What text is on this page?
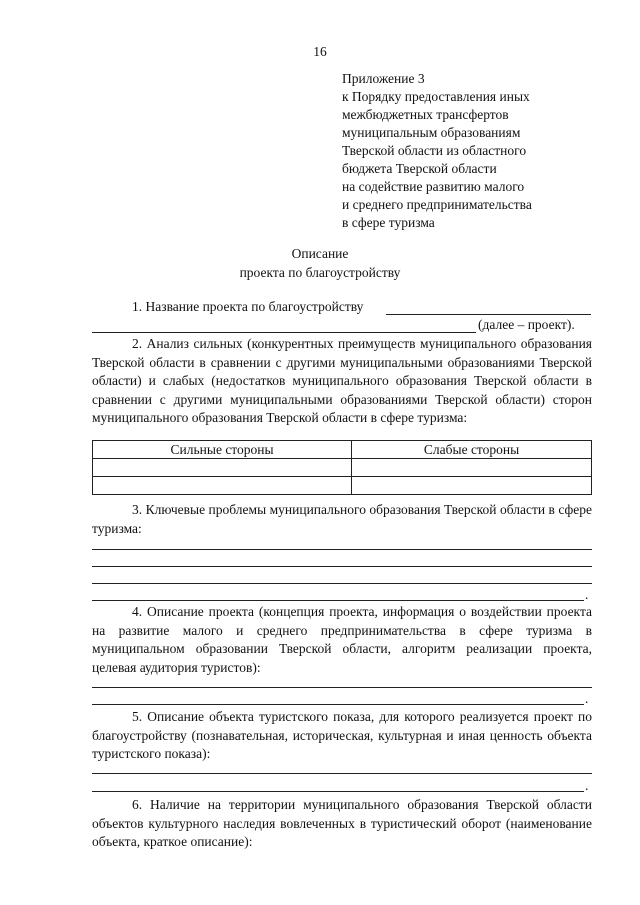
16
Приложение 3
к Порядку предоставления иных
межбюджетных трансфертов
муниципальным образованиям
Тверской области из областного
бюджета Тверской области
на содействие развитию малого
и среднего предпринимательства
в сфере туризма
Описание
проекта по благоустройству
1. Название проекта по благоустройству
(далее – проект).
2. Анализ сильных (конкурентных преимуществ муниципального образования Тверской области в сравнении с другими муниципальными образованиями Тверской области) и слабых (недостатков муниципального образования Тверской области в сравнении с другими муниципальными образованиями Тверской области) сторон муниципального образования Тверской области в сфере туризма:
Сильные стороны	Слабые стороны

3. Ключевые проблемы муниципального образования Тверской области в сфере туризма:
.
4. Описание проекта (концепция проекта, информация о воздействии проекта на развитие малого и среднего предпринимательства в сфере туризма в муниципальном образовании Тверской области, алгоритм реализации проекта, целевая аудитория туристов):
.
5. Описание объекта туристского показа, для которого реализуется проект по благоустройству (познавательная, историческая, культурная и иная ценность объекта туристского показа):
.
6. Наличие на территории муниципального образования Тверской области объектов культурного наследия вовлеченных в туристический оборот (наименование объекта, краткое описание):
